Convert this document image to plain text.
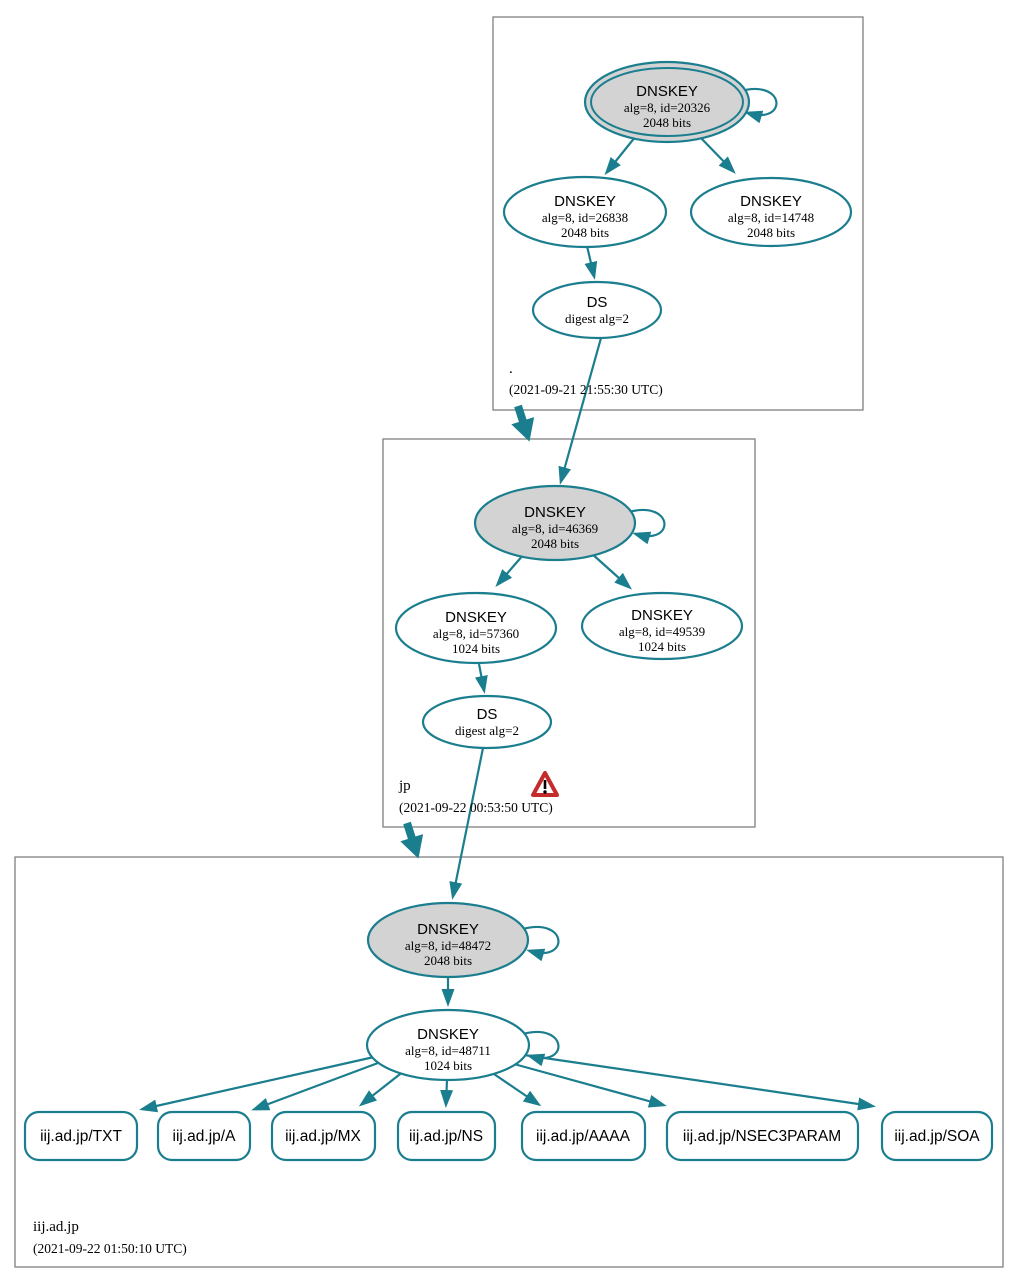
DNSKEY
alg=8, id=20326
2048 bits
DNSKEY
alg=8, id=26838
2048 bits
DNSKEY
alg=8, id=14748
2048 bits
DS
digest alg=2
.
(2021-09-21 21:55:30 UTC)
DNSKEY
alg=8, id=46369
2048 bits
DNSKEY
alg=8, id=57360
1024 bits
DNSKEY
alg=8, id=49539
1024 bits
DS
digest alg=2
jp
(2021-09-22 00:53:50 UTC)
DNSKEY
alg=8, id=48472
2048 bits
DNSKEY
alg=8, id=48711
1024 bits
iij.ad.jp/TXT	iij.ad.jp/A	iij.ad.jp/MX	iij.ad.jp/NS	iij.ad.jp/AAAA	iij.ad.jp/NSEC3PARAM	iij.ad.jp/SOA
iij.ad.jp
(2021-09-22 01:50:10 UTC)
